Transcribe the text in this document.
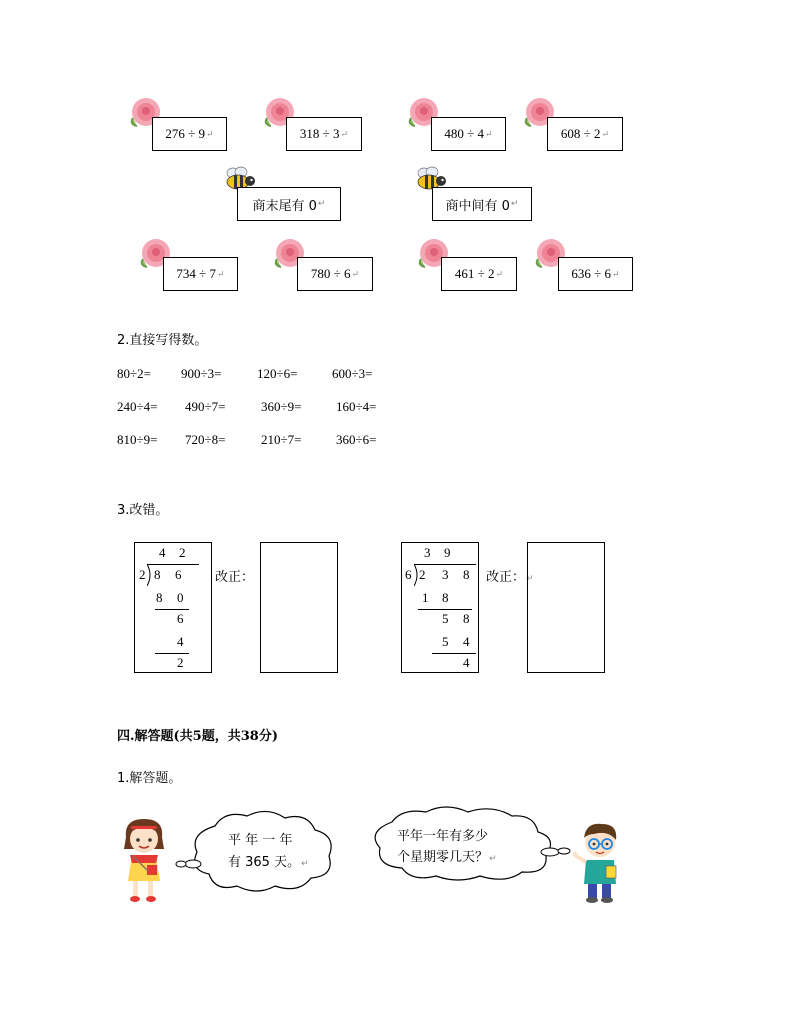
276 ÷ 9 ↵	318 ÷ 3 ↵	480 ÷ 4 ↵	608 ÷ 2 ↵
商末尾有 0 ↵	商中间有 0 ↵
734 ÷ 7 ↵	780 ÷ 6 ↵	461 ÷ 2 ↵	636 ÷ 6 ↵
2.直接写得数。
80÷2= 900÷3=	120÷6=	600÷3=
240÷4= 490÷7=	360÷9=	160÷4=
810÷9= 720÷8=	210÷7=	360÷6=
3.改错。
4 2
2 8 6
8 0
6
4
2
改正：
3 9
6 2 3 8
1 8
5 8
5 4
4
改正：↵
四.解答题(共5题，共38分)
1.解答题。
平 年 一 年
有 365 天。↵
平年一年有多少
个星期零几天？↵
